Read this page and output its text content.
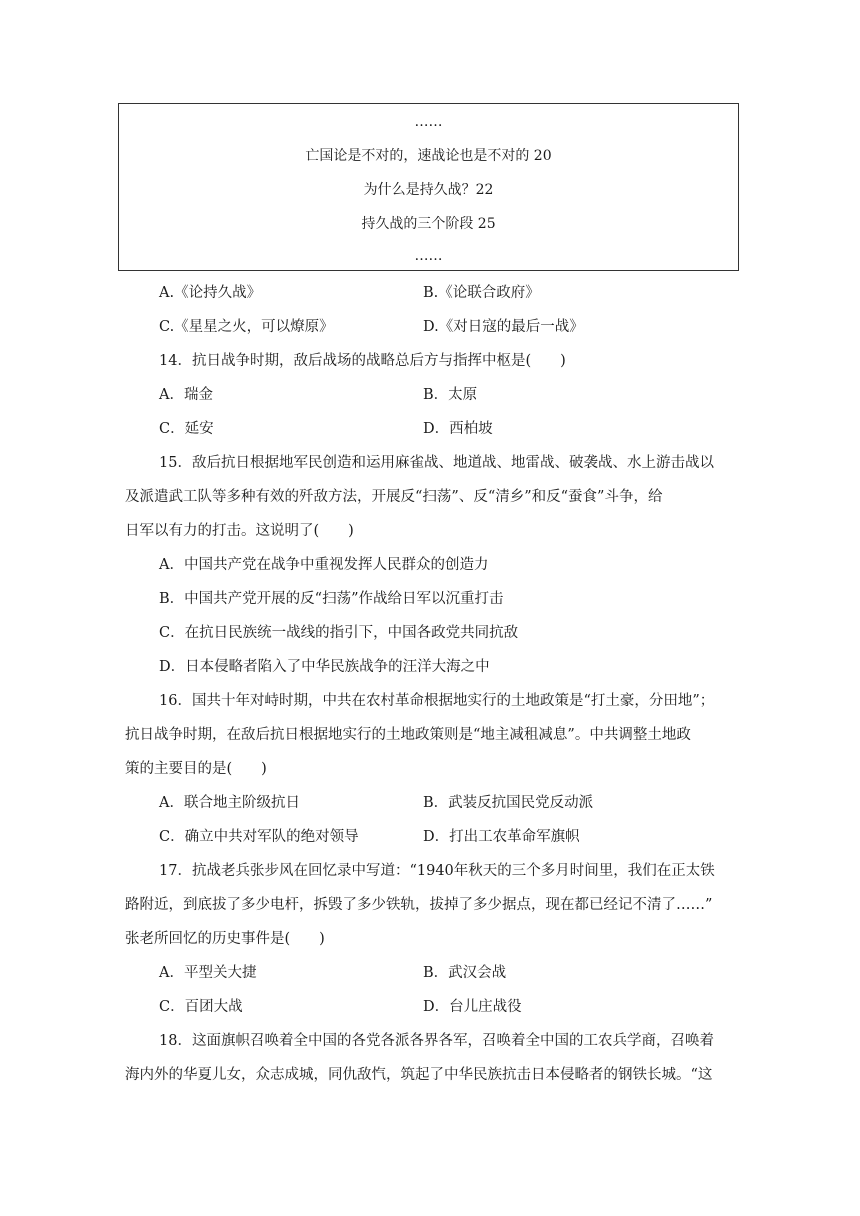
……
亡国论是不对的，速战论也是不对的 20
为什么是持久战？22
持久战的三个阶段 25
……
A.《论持久战》	B.《论联合政府》
C.《星星之火，可以燎原》	D.《对日寇的最后一战》
14．抗日战争时期，敌后战场的战略总后方与指挥中枢是(　　)
A．瑞金	B．太原
C．延安	D．西柏坡
15．敌后抗日根据地军民创造和运用麻雀战、地道战、地雷战、破袭战、水上游击战以
及派遣武工队等多种有效的歼敌方法，开展反“扫荡”、反“清乡”和反“蚕食”斗争，给
日军以有力的打击。这说明了(　　)
A．中国共产党在战争中重视发挥人民群众的创造力
B．中国共产党开展的反“扫荡”作战给日军以沉重打击
C．在抗日民族统一战线的指引下，中国各政党共同抗敌
D．日本侵略者陷入了中华民族战争的汪洋大海之中
16．国共十年对峙时期，中共在农村革命根据地实行的土地政策是“打土豪，分田地”；
抗日战争时期，在敌后抗日根据地实行的土地政策则是“地主减租减息”。中共调整土地政
策的主要目的是(　　)
A．联合地主阶级抗日	B．武装反抗国民党反动派
C．确立中共对军队的绝对领导	D．打出工农革命军旗帜
17．抗战老兵张步风在回忆录中写道：“1940年秋天的三个多月时间里，我们在正太铁
路附近，到底拔了多少电杆，拆毁了多少铁轨，拔掉了多少据点，现在都已经记不清了……”
张老所回忆的历史事件是(　　)
A．平型关大捷	B．武汉会战
C．百团大战	D．台儿庄战役
18．这面旗帜召唤着全中国的各党各派各界各军，召唤着全中国的工农兵学商，召唤着
海内外的华夏儿女，众志成城，同仇敌忾，筑起了中华民族抗击日本侵略者的钢铁长城。“这
